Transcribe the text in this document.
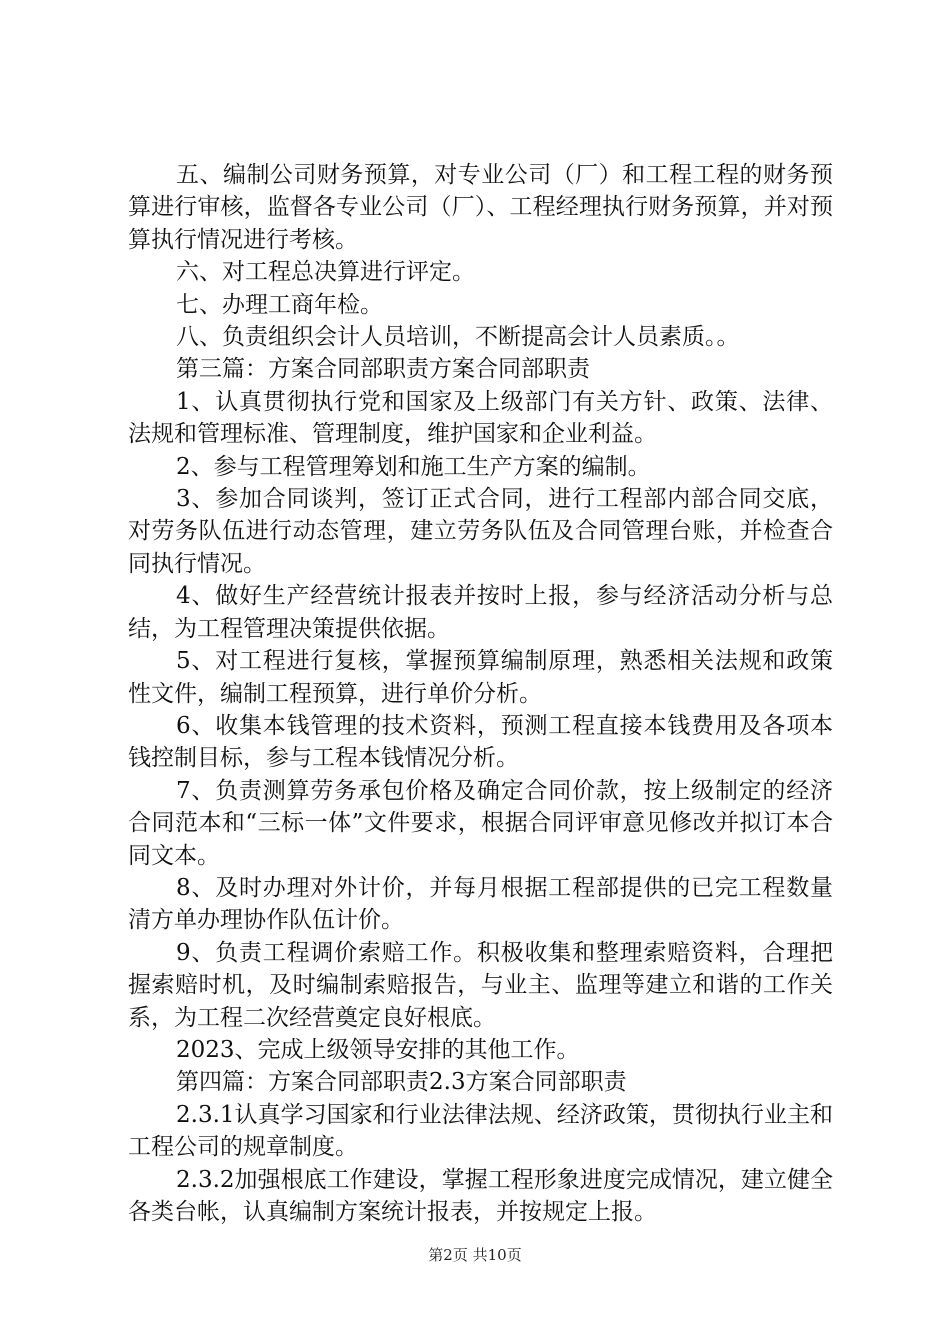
五、编制公司财务预算，对专业公司（厂）和工程工程的财务预算进行审核，监督各专业公司（厂）、工程经理执行财务预算，并对预算执行情况进行考核。

六、对工程总决算进行评定。

七、办理工商年检。

八、负责组织会计人员培训，不断提高会计人员素质。。

第三篇：方案合同部职责方案合同部职责

1、认真贯彻执行党和国家及上级部门有关方针、政策、法律、法规和管理标准、管理制度，维护国家和企业利益。

2、参与工程管理筹划和施工生产方案的编制。

3、参加合同谈判，签订正式合同，进行工程部内部合同交底，对劳务队伍进行动态管理，建立劳务队伍及合同管理台账，并检查合同执行情况。

4、做好生产经营统计报表并按时上报，参与经济活动分析与总结，为工程管理决策提供依据。

5、对工程进行复核，掌握预算编制原理，熟悉相关法规和政策性文件，编制工程预算，进行单价分析。

6、收集本钱管理的技术资料，预测工程直接本钱费用及各项本钱控制目标，参与工程本钱情况分析。

7、负责测算劳务承包价格及确定合同价款，按上级制定的经济合同范本和“三标一体”文件要求，根据合同评审意见修改并拟订本合同文本。

8、及时办理对外计价，并每月根据工程部提供的已完工程数量清方单办理协作队伍计价。

9、负责工程调价索赔工作。积极收集和整理索赔资料，合理把握索赔时机，及时编制索赔报告，与业主、监理等建立和谐的工作关系，为工程二次经营奠定良好根底。

2023、完成上级领导安排的其他工作。

第四篇：方案合同部职责2.3方案合同部职责

2.3.1认真学习国家和行业法律法规、经济政策，贯彻执行业主和工程公司的规章制度。

2.3.2加强根底工作建设，掌握工程形象进度完成情况，建立健全各类台帐，认真编制方案统计报表，并按规定上报。

第2页 共10页
